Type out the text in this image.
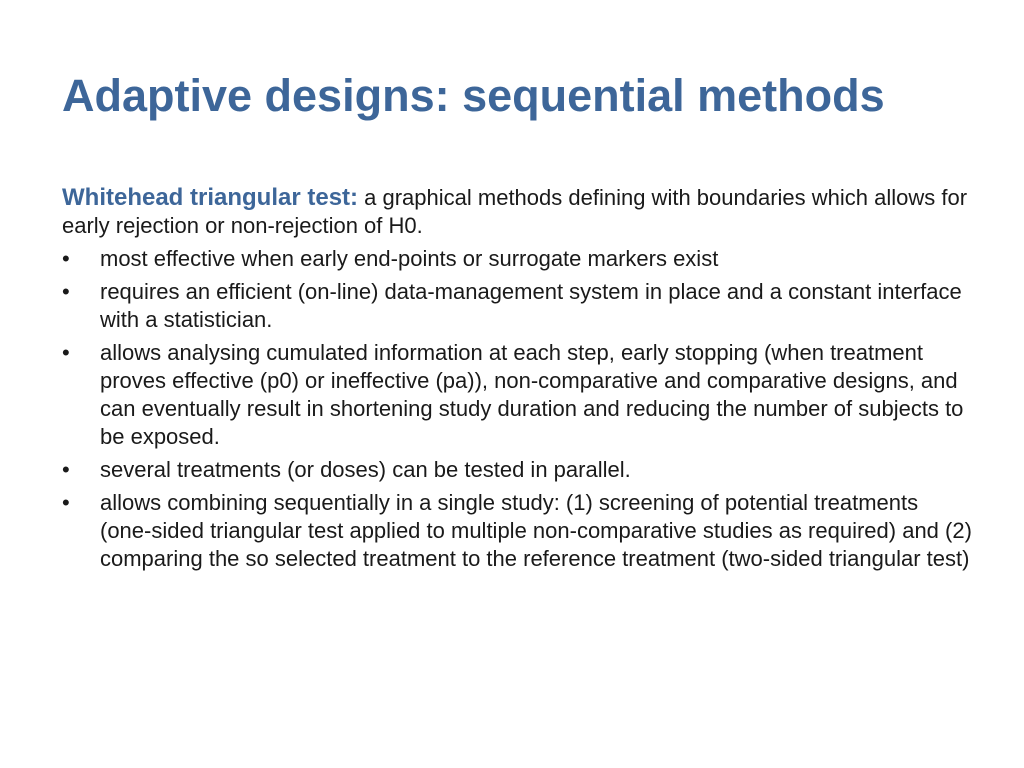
Adaptive designs: sequential methods

Whitehead triangular test: a graphical methods defining with boundaries which allows for early rejection or non-rejection of H0.

• most effective when early end-points or surrogate markers exist
• requires an efficient (on-line) data-management system in place and a constant interface with a statistician.
• allows analysing cumulated information at each step, early stopping (when treatment proves effective (p0) or ineffective (pa)), non-comparative and comparative designs, and can eventually result in shortening study duration and reducing the number of subjects to be exposed.
• several treatments (or doses) can be tested in parallel.
• allows combining sequentially in a single study: (1) screening of potential treatments (one-sided triangular test applied to multiple non-comparative studies as required) and (2) comparing the so selected treatment to the reference treatment (two-sided triangular test)
